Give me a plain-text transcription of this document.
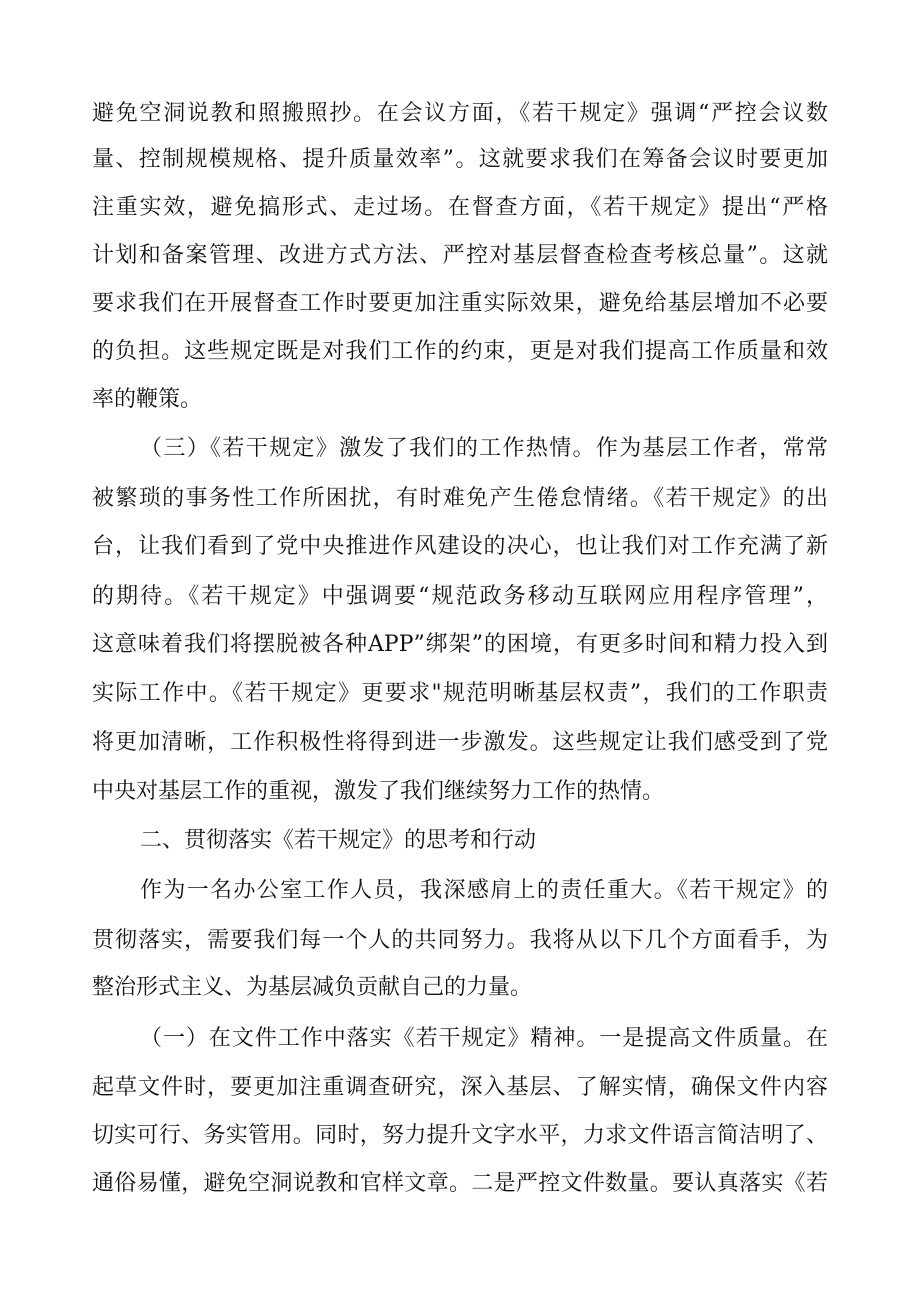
避免空洞说教和照搬照抄。在会议方面，《若干规定》强调“严控会议数
量、控制规模规格、提升质量效率”。这就要求我们在筹备会议时要更加
注重实效，避免搞形式、走过场。在督查方面，《若干规定》提出“严格
计划和备案管理、改进方式方法、严控对基层督查检查考核总量”。这就
要求我们在开展督查工作时要更加注重实际效果，避免给基层增加不必要
的负担。这些规定既是对我们工作的约束，更是对我们提高工作质量和效
率的鞭策。
（三）《若干规定》激发了我们的工作热情。作为基层工作者，常常
被繁琐的事务性工作所困扰，有时难免产生倦怠情绪。《若干规定》的出
台，让我们看到了党中央推进作风建设的决心，也让我们对工作充满了新
的期待。《若干规定》中强调要“规范政务移动互联网应用程序管理”，
这意味着我们将摆脱被各种APP”绑架”的困境，有更多时间和精力投入到
实际工作中。《若干规定》更要求"规范明晰基层权责”，我们的工作职责
将更加清晰，工作积极性将得到进一步激发。这些规定让我们感受到了党
中央对基层工作的重视，激发了我们继续努力工作的热情。
二、贯彻落实《若干规定》的思考和行动
作为一名办公室工作人员，我深感肩上的责任重大。《若干规定》的
贯彻落实，需要我们每一个人的共同努力。我将从以下几个方面看手，为
整治形式主义、为基层减负贡献自己的力量。
（一）在文件工作中落实《若干规定》精神。一是提高文件质量。在
起草文件时，要更加注重调查研究，深入基层、了解实情，确保文件内容
切实可行、务实管用。同时，努力提升文字水平，力求文件语言简洁明了、
通俗易懂，避免空洞说教和官样文章。二是严控文件数量。要认真落实《若
